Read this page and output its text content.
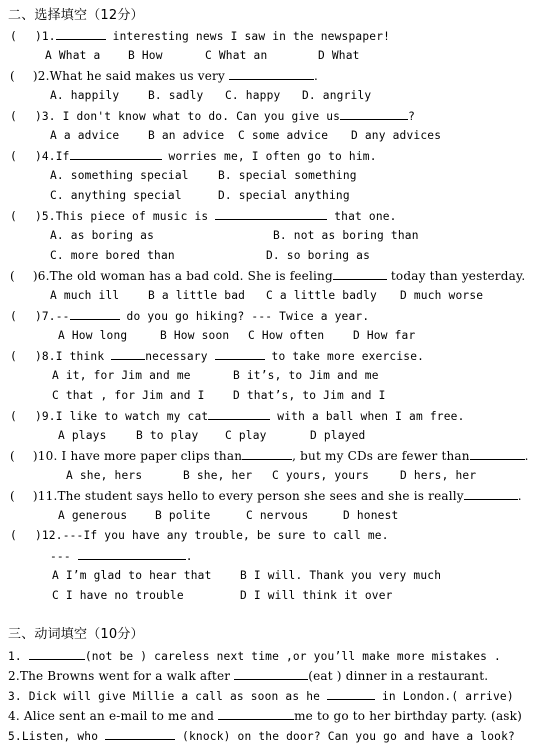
二、选择填空（12分）
( )1.	interesting news I saw in the newspaper!
A What a B How	C What an	D What
( )2.What he said makes us very	.
A. happily	B. sadly C. happy D. angrily
( )3. I don't know what to do. Can you give us	?
A a advice	B an advice C some advice D any advices
( )4.If	worries me, I often go to him.
A. something special	B. special something
C. anything special	D. special anything
( )5.This piece of music is	that one.
A. as boring as	B. not as boring than
C. more bored than	D. so boring as
( )6.The old woman has a bad cold. She is feeling	today than yesterday.
A much ill	B a little bad C a little badly D much worse
( )7.--	do you go hiking? --- Twice a year.
A How long	B How soon C How often	D How far
( )8.I think	necessary	to take more exercise.
A it, for Jim and me	B it’s, to Jim and me
C that , for Jim and I	D that’s, to Jim and I
( )9.I like to watch my cat	with a ball when I am free.
A plays	B to play C play	D played
( )10. I have more paper clips than	, but my CDs are fewer than	.
A she, hers	B she, her C yours, yours	D hers, her
( )11.The student says hello to every person she sees and she is really	.
A generous B polite	C nervous	D honest
( )12.---If you have any trouble, be sure to call me.
---	.
A I’m glad to hear that	B I will. Thank you very much
C I have no trouble	D I will think it over
三、动词填空（10分）
1.	(not be ) careless next time ,or you’ll make more mistakes .
2.The Browns went for a walk after	(eat ) dinner in a restaurant.
3. Dick will give Millie a call as soon as he	in London.( arrive)
4. Alice sent an e-mail to me and	me to go to her birthday party. (ask)
5.Listen, who	(knock) on the door? Can you go and have a look?
